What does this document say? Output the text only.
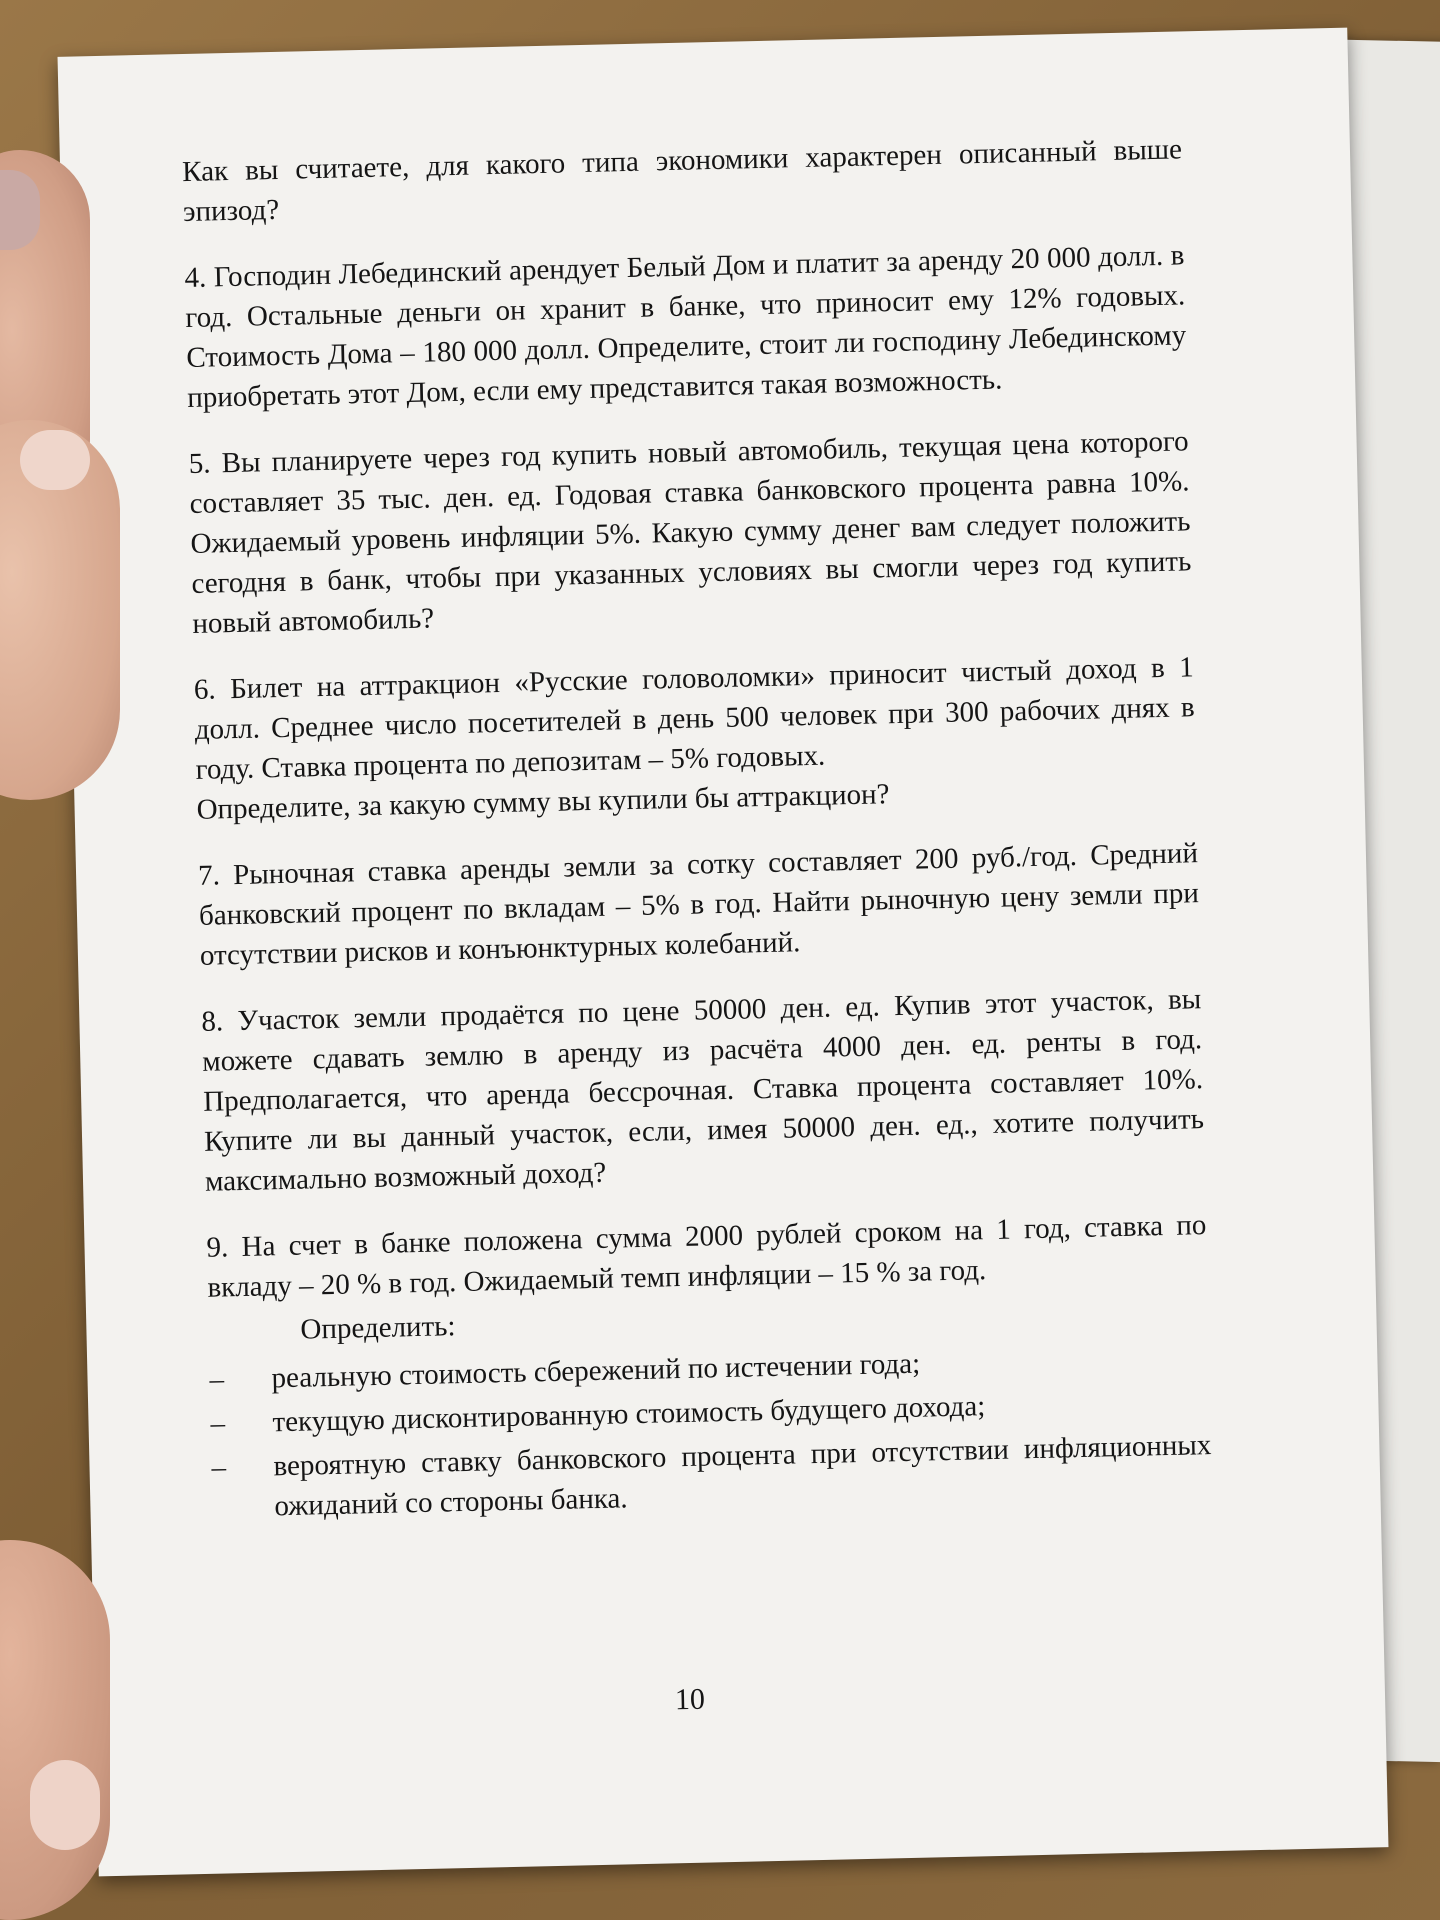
Как вы считаете, для какого типа экономики характерен описанный выше эпизод?

4. Господин Лебединский арендует Белый Дом и платит за аренду 20 000 долл. в год. Остальные деньги он хранит в банке, что приносит ему 12% годовых. Стоимость Дома – 180 000 долл. Определите, стоит ли господину Лебединскому приобретать этот Дом, если ему представится такая возможность.

5. Вы планируете через год купить новый автомобиль, текущая цена которого составляет 35 тыс. ден. ед. Годовая ставка банковского процента равна 10%. Ожидаемый уровень инфляции 5%. Какую сумму денег вам следует положить сегодня в банк, чтобы при указанных условиях вы смогли через год купить новый автомобиль?

6. Билет на аттракцион «Русские головоломки» приносит чистый доход в 1 долл. Среднее число посетителей в день 500 человек при 300 рабочих днях в году. Ставка процента по депозитам – 5% годовых.

Определите, за какую сумму вы купили бы аттракцион?

7. Рыночная ставка аренды земли за сотку составляет 200 руб./год. Средний банковский процент по вкладам – 5% в год. Найти рыночную цену земли при отсутствии рисков и конъюнктурных колебаний.

8. Участок земли продаётся по цене 50000 ден. ед. Купив этот участок, вы можете сдавать землю в аренду из расчёта 4000 ден. ед. ренты в год. Предполагается, что аренда бессрочная. Ставка процента составляет 10%. Купите ли вы данный участок, если, имея 50000 ден. ед., хотите получить максимально возможный доход?

9. На счет в банке положена сумма 2000 рублей сроком на 1 год, ставка по вкладу – 20 % в год. Ожидаемый темп инфляции – 15 % за год.

Определить:

– реальную стоимость сбережений по истечении года;
– текущую дисконтированную стоимость будущего дохода;
– вероятную ставку банковского процента при отсутствии инфляционных ожиданий со стороны банка.
10
